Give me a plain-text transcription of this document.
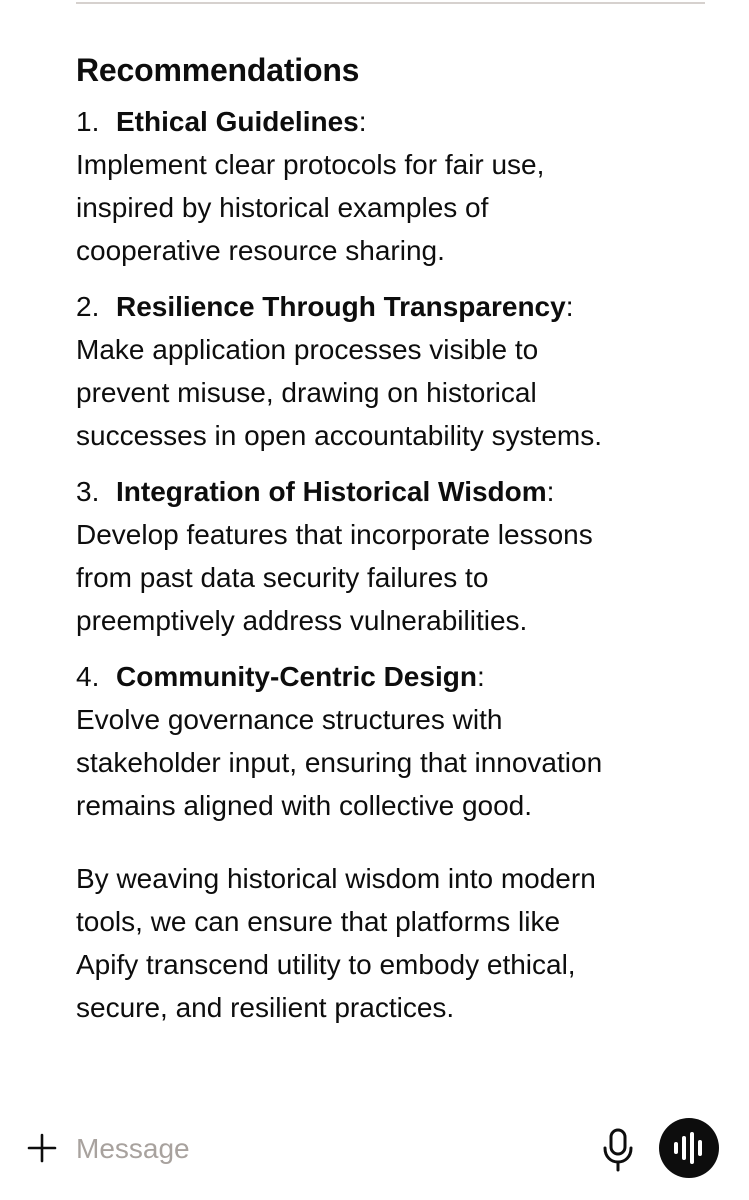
Recommendations
1. Ethical Guidelines:

Implement clear protocols for fair use,
inspired by historical examples of
cooperative resource sharing.

2. Resilience Through Transparency:

Make application processes visible to
prevent misuse, drawing on historical
successes in open accountability systems.

3. Integration of Historical Wisdom:

Develop features that incorporate lessons
from past data security failures to
preemptively address vulnerabilities.

4. Community-Centric Design:

Evolve governance structures with
stakeholder input, ensuring that innovation
remains aligned with collective good.

By weaving historical wisdom into modern
tools, we can ensure that platforms like
Apify transcend utility to embody ethical,
secure, and resilient practices.

Message
